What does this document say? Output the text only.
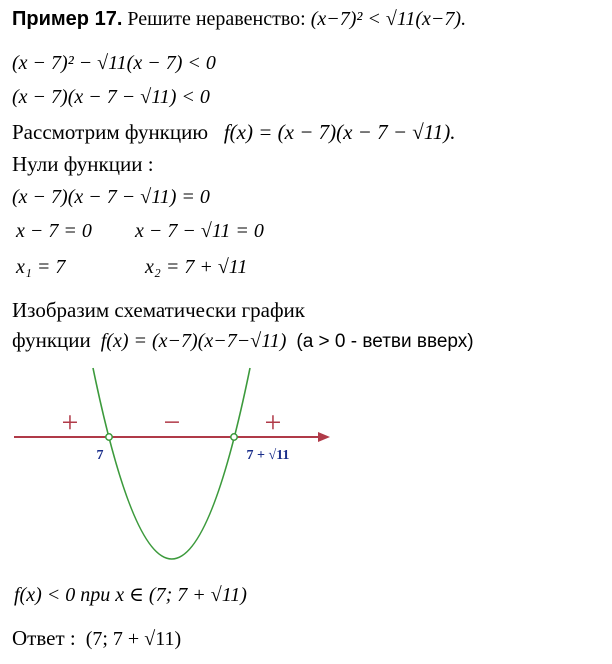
Пример 17. Решите неравенство: (x−7)² < √11(x−7).
(x − 7)² − √11(x − 7) < 0
(x − 7)(x − 7 − √11) < 0
Рассмотрим функцию f(x) = (x − 7)(x − 7 − √11).
Нули функции :
(x − 7)(x − 7 − √11) = 0
x − 7 = 0 x − 7 − √11 = 0
x₁ = 7	x₂ = 7 + √11
Изобразим схематически график
функции f(x) = (x−7)(x−7−√11) (a > 0 - ветви вверх)
+	−	+
7	7 + √11
f(x) < 0 при x ∈ (7; 7 + √11)
Ответ : (7; 7 + √11)
